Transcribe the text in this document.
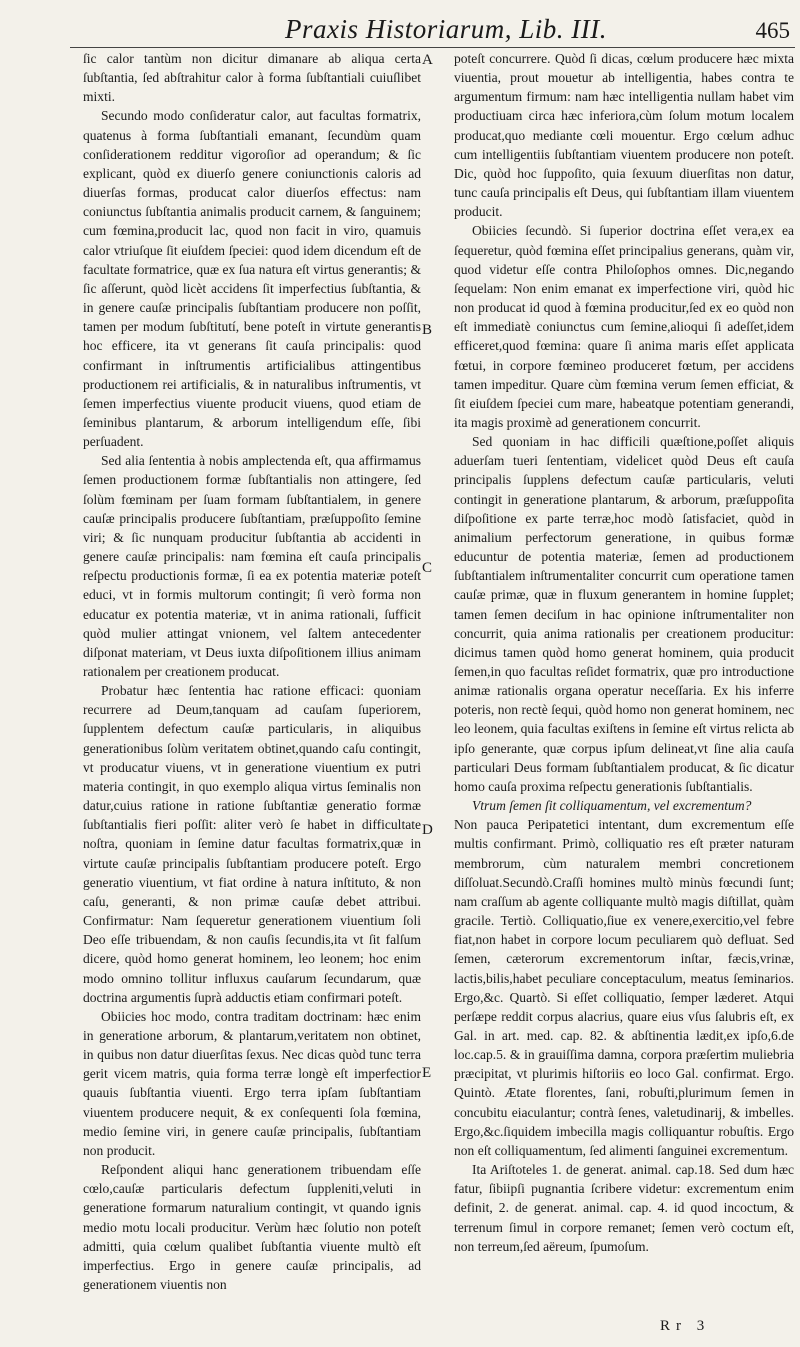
Praxis Historiarum, Lib. III.	465

ſic calor tantùm non dicitur dimanare ab aliqua certa ſubſtantia, ſed abſtrahitur calor à forma ſubſtantiali cuiuſlibet mixti.

Secundo modo conſideratur calor, aut facultas formatrix, quatenus à forma ſubſtantiali emanant, ſecundùm quam conſiderationem redditur vigoroſior ad operandum; & ſic explicant, quòd ex diuerſo genere coniunctionis caloris ad diuerſas formas, producat calor diuerſos effectus: nam coniunctus ſubſtantia animalis producit carnem, & ſanguinem; cum fœmina,producit lac, quod non facit in viro, quamuis calor vtriuſque ſit eiuſdem ſpeciei: quod idem dicendum eſt de facultate formatrice, quæ ex ſua natura eſt virtus generantis; & ſic aſſerunt, quòd licèt accidens ſit imperfectius ſubſtantia, & in genere cauſæ principalis ſubſtantiam producere non poſſit, tamen per modum ſubſtitutí, bene poteſt in virtute generantis hoc efficere, ita vt generans ſit cauſa principalis: quod confirmant in inſtrumentis artificialibus attingentibus productionem rei artificialis, & in naturalibus inſtrumentis, vt ſemen imperfectius viuente producit viuens, quod etiam de ſeminibus plantarum, & arborum intelligendum eſſe, ſibi perſuadent.

Sed alia ſententia à nobis amplectenda eſt, qua affirmamus ſemen productionem formæ ſubſtantialis non attingere, ſed ſolùm fœminam per ſuam formam ſubſtantialem, in genere cauſæ principalis producere ſubſtantiam, præſuppoſito ſemine viri; & ſic nunquam producitur ſubſtantia ab accidenti in genere cauſæ principalis: nam fœmina eſt cauſa principalis reſpectu productionis formæ, ſi ea ex potentia materiæ poteſt educi, vt in formis multorum contingit; ſi verò forma non educatur ex potentia materiæ, vt in anima rationali, ſufficit quòd mulier attingat vnionem, vel ſaltem antecedenter diſponat materiam, vt Deus iuxta diſpoſitionem illius animam rationalem per creationem producat.

Probatur hæc ſententia hac ratione efficaci: quoniam recurrere ad Deum,tanquam ad cauſam ſuperiorem, ſupplentem defectum cauſæ particularis, in aliquibus generationibus ſolùm veritatem obtinet,quando caſu contingit, vt producatur viuens, vt in generatione viuentium ex putri materia contingit, in quo exemplo aliqua virtus ſeminalis non datur,cuius ratione in ratione ſubſtantiæ generatio formæ ſubſtantialis fieri poſſit: aliter verò ſe habet in difficultate noſtra, quoniam in ſemine datur facultas formatrix,quæ in virtute cauſæ principalis ſubſtantiam producere poteſt. Ergo generatio viuentium, vt fiat ordine à natura inſtituto, & non caſu, generanti, & non primæ cauſæ debet attribui. Confirmatur: Nam ſequeretur generationem viuentium ſoli Deo eſſe tribuendam, & non cauſis ſecundis,ita vt ſit falſum dicere, quòd homo generat hominem, leo leonem; hoc enim modo omnino tollitur influxus cauſarum ſecundarum, quæ doctrina argumentis ſuprà adductis etiam confirmari poteſt.

Obiicies hoc modo, contra traditam doctrinam: hæc enim in generatione arborum, & plantarum,veritatem non obtinet, in quibus non datur diuerſitas ſexus. Nec dicas quòd tunc terra gerit vicem matris, quia forma terræ longè eſt imperfectior quauis ſubſtantia viuenti. Ergo terra ipſam ſubſtantiam viuentem producere nequit, & ex conſequenti ſola fœmina, medio ſemine viri, in genere cauſæ principalis, ſubſtantiam non producit.

Reſpondent aliqui hanc generationem tribuendam eſſe cœlo,cauſæ particularis defectum ſuppleniti,veluti in generatione formarum naturalium contingit, vt quando ignis medio motu locali producitur. Verùm hæc ſolutio non poteſt admitti, quia cœlum qualibet ſubſtantia viuente multò eſt imperfectius. Ergo in genere cauſæ principalis, ad generationem viuentis non

A
B
C
D
E

poteſt concurrere. Quòd ſi dicas, cœlum producere hæc mixta viuentia, prout mouetur ab intelligentia, habes contra te argumentum firmum: nam hæc intelligentia nullam habet vim productiuam circa hæc inferiora,cùm ſolum motum localem producat,quo mediante cœli mouentur. Ergo cœlum adhuc cum intelligentiis ſubſtantiam viuentem producere non poteſt. Dic, quòd hoc ſuppoſito, quia ſexuum diuerſitas non datur, tunc cauſa principalis eſt Deus, qui ſubſtantiam illam viuentem producit.

Obiicies ſecundò. Si ſuperior doctrina eſſet vera,ex ea ſequeretur, quòd fœmina eſſet principalius generans, quàm vir, quod videtur eſſe contra Philoſophos omnes. Dic,negando ſequelam: Non enim emanat ex imperfectione viri, quòd hic non producat id quod à fœmina producitur,ſed ex eo quòd non eſt immediatè coniunctus cum ſemine,alioqui ſi adeſſet,idem efficeret,quod fœmina: quare ſi anima maris eſſet applicata fœtui, in corpore fœmineo produceret fœtum, per accidens tamen impeditur. Quare cùm fœmina verum ſemen efficiat, & ſit eiuſdem ſpeciei cum mare, habeatque potentiam generandi, ita magis proximè ad generationem concurrit.

Sed quoniam in hac difficili quæſtione,poſſet aliquis aduerſam tueri ſententiam, videlicet quòd Deus eſt cauſa principalis ſupplens defectum cauſæ particularis, veluti contingit in generatione plantarum, & arborum, præſuppoſita diſpoſitione ex parte terræ,hoc modò ſatisfaciet, quòd in animalium perfectorum generatione, in quibus formæ educuntur de potentia materiæ, ſemen ad productionem ſubſtantialem inſtrumentaliter concurrit cum operatione tamen cauſæ primæ, quæ in fluxum generantem in homine ſupplet; tamen ſemen deciſum in hac opinione inſtrumentaliter non concurrit, quia anima rationalis per creationem producitur: dicimus tamen quòd homo generat hominem, quia producit ſemen,in quo facultas reſidet formatrix, quæ pro introductione animæ rationalis organa operatur neceſſaria. Ex his inferre poteris, non rectè ſequi, quòd homo non generat hominem, nec leo leonem, quia facultas exiſtens in ſemine eſt virtus relicta ab ipſo generante, quæ corpus ipſum delineat,vt ſine alia cauſa particulari Deus formam ſubſtantialem producat, & ſic dicatur homo cauſa proxima reſpectu generationis ſubſtantialis.

Vtrum ſemen ſit colliquamentum, vel excrementum?

Non pauca Peripatetici intentant, dum excrementum eſſe multis confirmant. Primò, colliquatio res eſt præter naturam membrorum, cùm naturalem membri concretionem diſſoluat.Secundò.Craſſi homines multò minùs fœcundi ſunt; nam craſſum ab agente colliquante multò magis diſtillat, quàm gracile. Tertiò. Colliquatio,ſiue ex venere,exercitio,vel febre fiat,non habet in corpore locum peculiarem quò defluat. Sed ſemen, cæterorum excrementorum inſtar, fæcis,vrinæ, lactis,bilis,habet peculiare conceptaculum, meatus ſeminarios. Ergo,&c. Quartò. Si eſſet colliquatio, ſemper læderet. Atqui perſæpe reddit corpus alacrius, quare eius vſus ſalubris eſt, ex Gal. in art. med. cap. 82. & abſtinentia lædit,ex ipſo,6.de loc.cap.5. & in grauiſſima damna, corpora præſertim muliebria præcipitat, vt plurimis hiſtoriis eo loco Gal. confirmat. Ergo. Quintò. Ætate florentes, ſani, robuſti,plurimum ſemen in concubitu eiaculantur; contrà ſenes, valetudinarij, & imbelles. Ergo,&c.ſiquidem imbecilla magis colliquantur robuſtis. Ergo non eſt colliquamentum, ſed alimenti ſanguinei excrementum.

Ita Ariſtoteles 1. de generat. animal. cap.18. Sed dum hæc fatur, ſibiipſi pugnantia ſcribere videtur: excrementum enim definit, 2. de generat. animal. cap. 4. id quod incoctum, & terrenum ſimul in corpore remanet; ſemen verò coctum eſt, non terreum,ſed aëreum, ſpumoſum.

Rr 3
